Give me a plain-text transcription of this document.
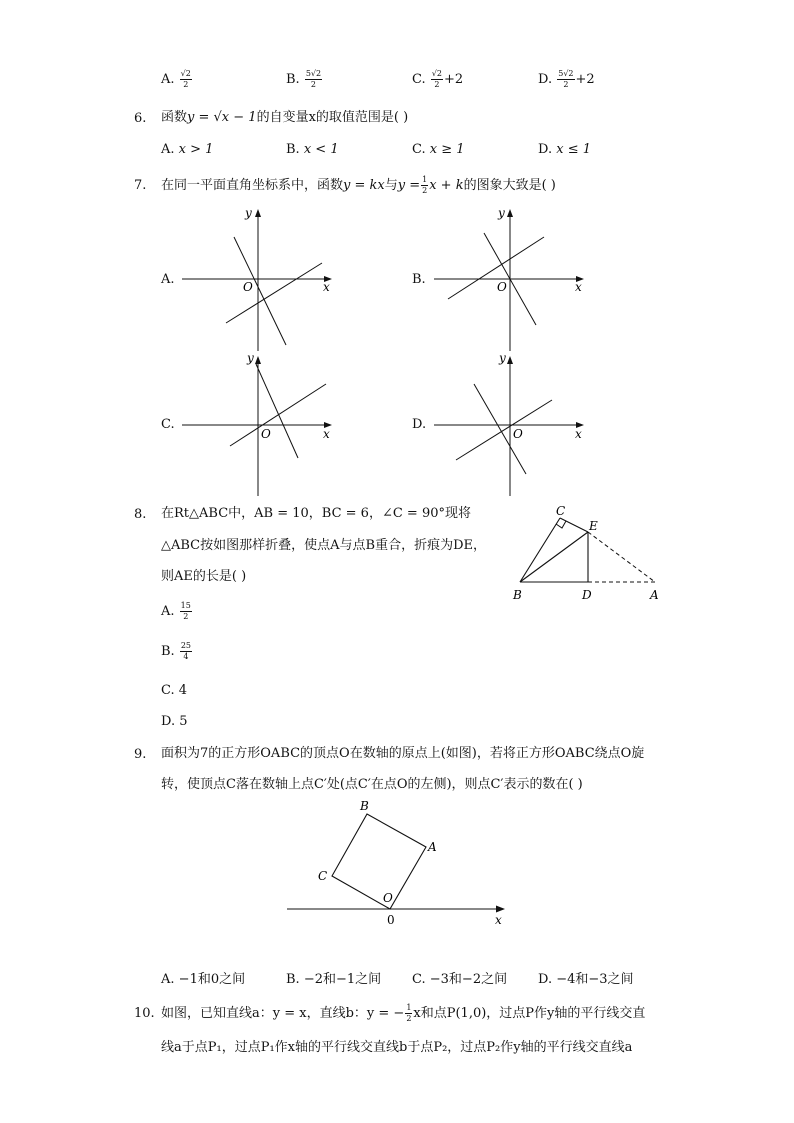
A. $\frac{√2}{2}$	B. $\frac{5√2}{2}$	C. $\frac{√2}{2} +2$	D. $\frac{5√2}{2} +2$
6. 函数y = √x − 1的自变量x的取值范围是( )
A. x > 1	B. x < 1	C. x ≥ 1	D. x ≤ 1
7. 在同一平面直角坐标系中，函数y = kx与$y = \frac{1}{2}$ x + k的图象大致是( )
A.	x
y
O	B.	x
y
O
C.
x
y
O
D.
x
y
O
8. 在Rt△ABC中，AB = 10，BC = 6，∠C = 90°现将
△ABC按如图那样折叠，使点A与点B重合，折痕为DE，
则AE的长是( )
A. $\frac{15}{2}$
B. $\frac{25}{4}$
C. 4
D. 5
C
E
B	D	A
9. 面积为7的正方形OABC的顶点O在数轴的原点上(如图)，若将正方形OABC绕点O旋
转，使顶点C落在数轴上点C′处(点C′在点O的左侧)，则点C′表示的数在( )
B
A
C
O
0	x
A. −1和0之间	B. −2和−1之间 C. −3和−2之间 D. −4和−3之间
10. 如图，已知直线a：y = x，直线b：y = − $\frac{1}{2}$ x和点P(1,0)，过点P作y轴的平行线交直
线a于点P₁，过点P₁作x轴的平行线交直线b于点P₂，过点P₂作y轴的平行线交直线a
